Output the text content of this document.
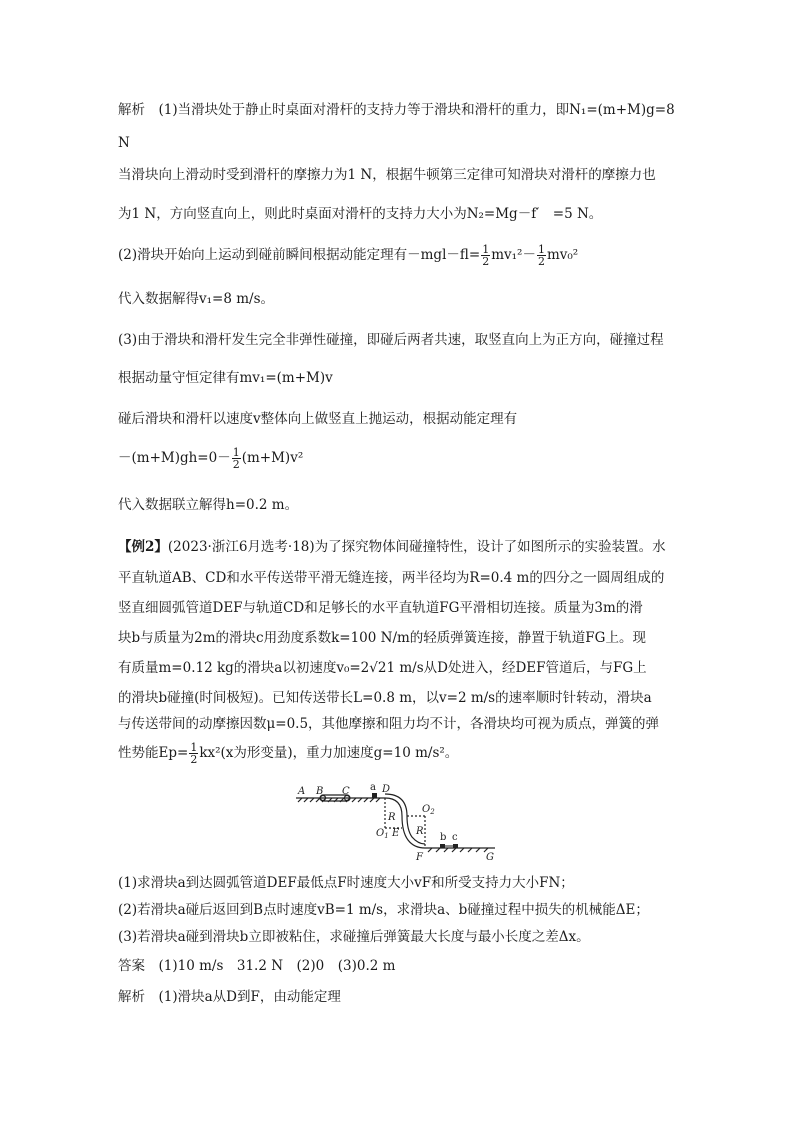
解析　(1)当滑块处于静止时桌面对滑杆的支持力等于滑块和滑杆的重力，即N₁=(m+M)g=8
N
当滑块向上滑动时受到滑杆的摩擦力为1 N，根据牛顿第三定律可知滑块对滑杆的摩擦力也
为1 N，方向竖直向上，则此时桌面对滑杆的支持力大小为N₂=Mg－f′　=5 N。
(2)滑块开始向上运动到碰前瞬间根据动能定理有$-mgl-fl= \frac{1}{2} mv_1^2- \frac{1}{2} mv_0^2$
代入数据解得v₁=8 m/s。
(3)由于滑块和滑杆发生完全非弹性碰撞，即碰后两者共速，取竖直向上为正方向，碰撞过程
根据动量守恒定律有mv₁=(m+M)v
碰后滑块和滑杆以速度v整体向上做竖直上抛运动，根据动能定理有
$-(m+M)gh=0- \frac{1}{2} (m+M)v^2$
代入数据联立解得h=0.2 m。
【例2】(2023·浙江6月选考·18)为了探究物体间碰撞特性，设计了如图所示的实验装置。水
平直轨道AB、CD和水平传送带平滑无缝连接，两半径均为R=0.4 m的四分之一圆周组成的
竖直细圆弧管道DEF与轨道CD和足够长的水平直轨道FG平滑相切连接。质量为3m的滑
块b与质量为2m的滑块c用劲度系数k=100 N/m的轻质弹簧连接，静置于轨道FG上。现
有质量m=0.12 kg的滑块a以初速度v₀=2√21 m/s从D处进入，经DEF管道后，与FG上
的滑块b碰撞(时间极短)。已知传送带长L=0.8 m，以v=2 m/s的速率顺时针转动，滑块a
与传送带间的动摩擦因数μ=0.5，其他摩擦和阻力均不计，各滑块均可视为质点，弹簧的弹
性势能$Ep= \frac{1}{2} kx^2(x$为形变量)，重力加速度g=10 m/s²。
A B C a D
R
$O_1$ E
$O_2$
R
F
b c
G
(1)求滑块a到达圆弧管道DEF最低点F时速度大小vF和所受支持力大小FN；
(2)若滑块a碰后返回到B点时速度vB=1 m/s，求滑块a、b碰撞过程中损失的机械能ΔE；
(3)若滑块a碰到滑块b立即被粘住，求碰撞后弹簧最大长度与最小长度之差Δx。
答案　(1)10 m/s　31.2 N　(2)0　(3)0.2 m
解析　(1)滑块a从D到F，由动能定理
